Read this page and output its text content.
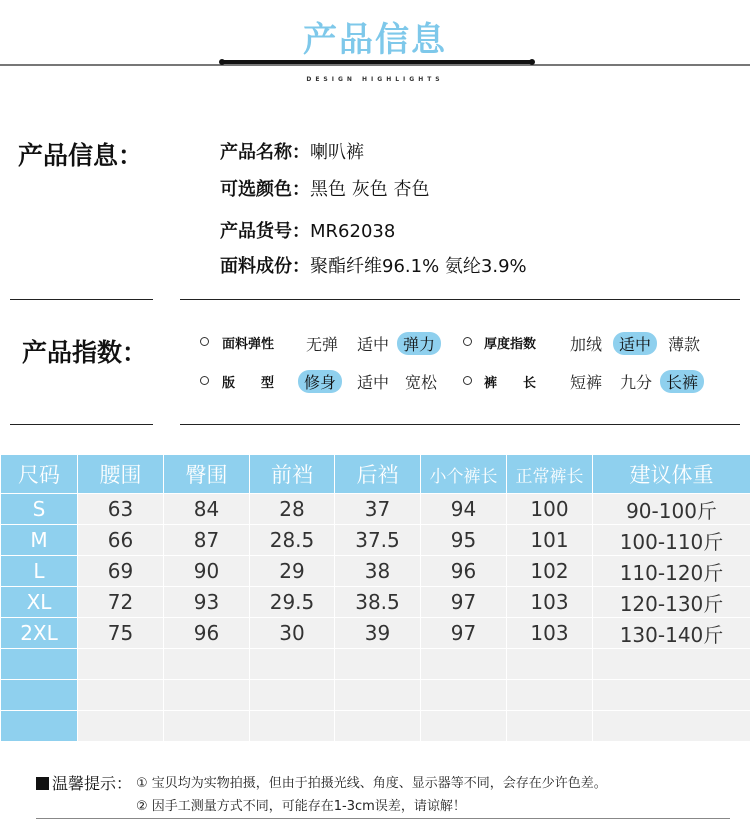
产品信息
DESIGN HIGHLIGHTS
产品信息：	产品名称：喇叭裤
可选颜色：黑色 灰色 杏色
产品货号：MR62038
面料成份：聚酯纤维96.1% 氨纶3.9%
产品指数：	面料弹性 无弹 适中 弹力	厚度指数 加绒	适中	薄款
版　　型	修身	适中 宽松	裤　　长 短裤 九分 长裤
尺码	腰围	臀围	前裆	后裆	小个裤长	正常裤长	建议体重
S	63	84	28	37	94	100	90-100斤
M	66	87	28.5	37.5	95	101	100-110斤
L	69	90	29	38	96	102	110-120斤
XL	72	93	29.5	38.5	97	103	120-130斤
2XL	75	96	30	39	97	103	130-140斤

温馨提示： ① 宝贝均为实物拍摄，但由于拍摄光线、角度、显示器等不同，会存在少许色差。
② 因手工测量方式不同，可能存在1-3cm误差，请谅解！
